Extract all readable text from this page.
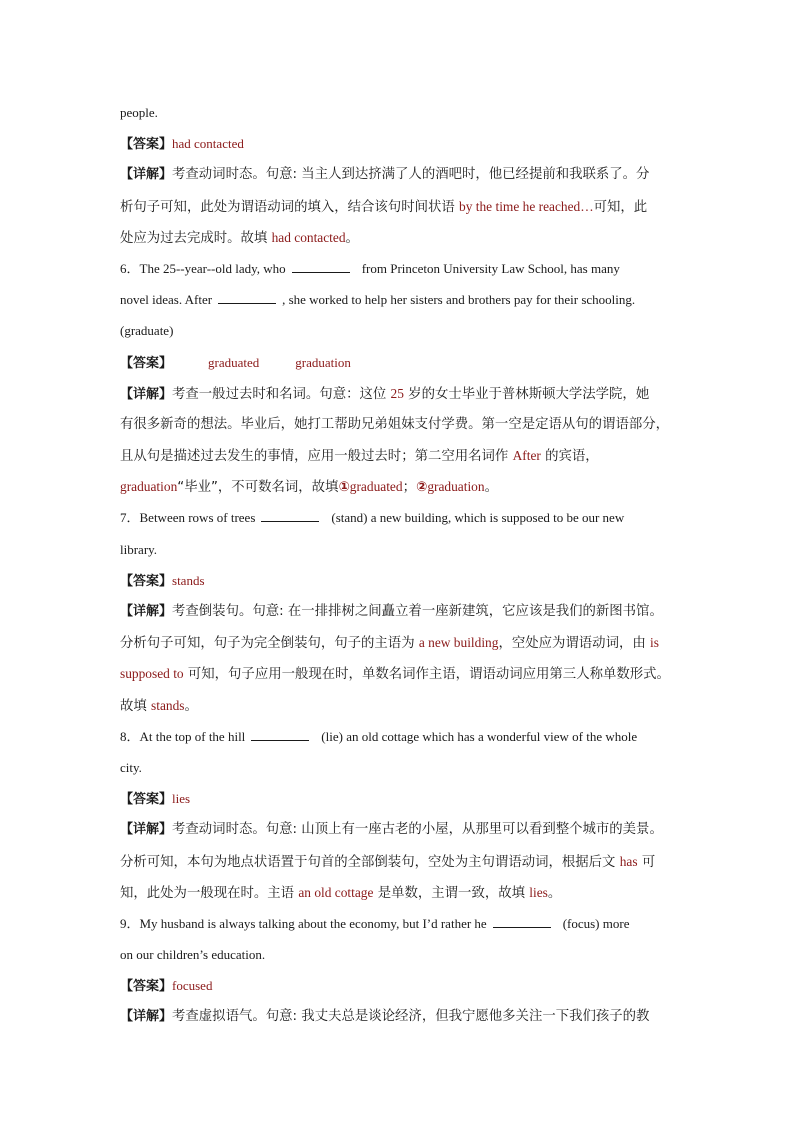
people.
【答案】had contacted
【详解】考查动词时态。句意: 当主人到达挤满了人的酒吧时，他已经提前和我联系了。分
析句子可知，此处为谓语动词的填入，结合该句时间状语 by the time he reached…可知，此
处应为过去完成时。故填 had contacted。
6．The 25--year--old lady, who	from Princeton University Law School, has many
novel ideas. After	, she worked to help her sisters and brothers pay for their schooling.
(graduate)
【答案】	graduated	graduation
【详解】考查一般过去时和名词。句意：这位 25 岁的女士毕业于普林斯顿大学法学院，她
有很多新奇的想法。毕业后，她打工帮助兄弟姐妹支付学费。第一空是定语从句的谓语部分，
且从句是描述过去发生的事情，应用一般过去时；第二空用名词作 After 的宾语，
graduation“毕业”，不可数名词，故填①graduated；②graduation。
7．Between rows of trees	(stand) a new building, which is supposed to be our new
library.
【答案】stands
【详解】考查倒装句。句意: 在一排排树之间矗立着一座新建筑，它应该是我们的新图书馆。
分析句子可知，句子为完全倒装句，句子的主语为 a new building，空处应为谓语动词，由 is
supposed to 可知，句子应用一般现在时，单数名词作主语，谓语动词应用第三人称单数形式。
故填 stands。
8．At the top of the hill	(lie) an old cottage which has a wonderful view of the whole
city.
【答案】lies
【详解】考查动词时态。句意: 山顶上有一座古老的小屋，从那里可以看到整个城市的美景。
分析可知，本句为地点状语置于句首的全部倒装句，空处为主句谓语动词，根据后文 has 可
知，此处为一般现在时。主语 an old cottage 是单数，主谓一致，故填 lies。
9．My husband is always talking about the economy, but I’d rather he	(focus) more
on our children’s education.
【答案】focused
【详解】考查虚拟语气。句意: 我丈夫总是谈论经济，但我宁愿他多关注一下我们孩子的教
